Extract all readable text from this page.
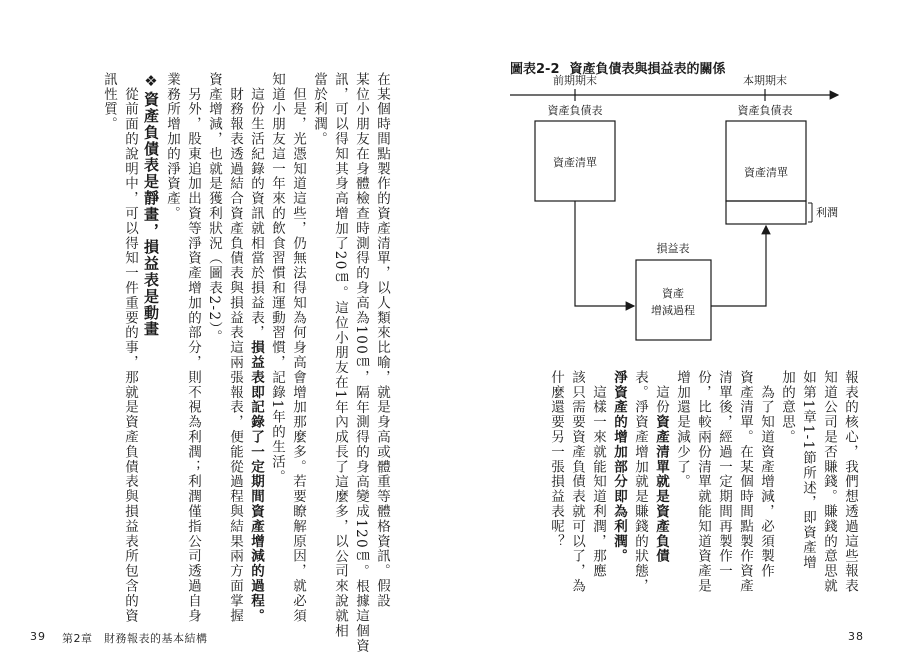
在某個時間點製作的資產清單，以人類來比喻，就是身高或體重等體格資訊。假設

某位小朋友在身體檢查時測得的身高為100㎝，隔年測得的身高變成120㎝。根據這個資

訊，可以得知其身高增加了20㎝。這位小朋友在1年內成長了這麼多，以公司來說就相

當於利潤。

　但是，光憑知道這些，仍無法得知為何身高會增加那麼多。若要瞭解原因，就必須

知道小朋友這一年來的飲食習慣和運動習慣，記錄1年的生活。

　這份生活紀錄的資訊就相當於損益表，損益表即記錄了一定期間資產增減的過程。

　財務報表透過結合資產負債表與損益表這兩張報表，便能從過程與結果兩方面掌握

資產增減，也就是獲利狀況（圖表2-2）。

　另外，股東追加出資等淨資產增加的部分，則不視為利潤；利潤僅指公司透過自身

業務所增加的淨資產。

❖資產負債表是靜畫，損益表是動畫

　從前面的說明中，可以得知一件重要的事，那就是資產負債表與損益表所包含的資

訊性質。

39 第2章　財務報表的基本結構

報表的核心，我們想透過這些報表

知道公司是否賺錢。賺錢的意思就

如第1章1-1節所述，即資產增

加的意思。

　為了知道資產增減，必須製作

資產清單。在某個時間點製作資產

清單後，經過一定期間再製作一

份，比較兩份清單就能知道資產是

增加還是減少了。

　這份資產清單就是資產負債

表。淨資產增加就是賺錢的狀態，

淨資產的增加部分即為利潤。

　這樣一來就能知道利潤，那應

該只需要資產負債表就可以了，為

什麼還要另一張損益表呢？

38
圖表2-2 資產負債表與損益表的關係
前期期末	本期期末
資產負債表
資產清單
資產負債表
資產清單
利潤
損益表
資產
增減過程
